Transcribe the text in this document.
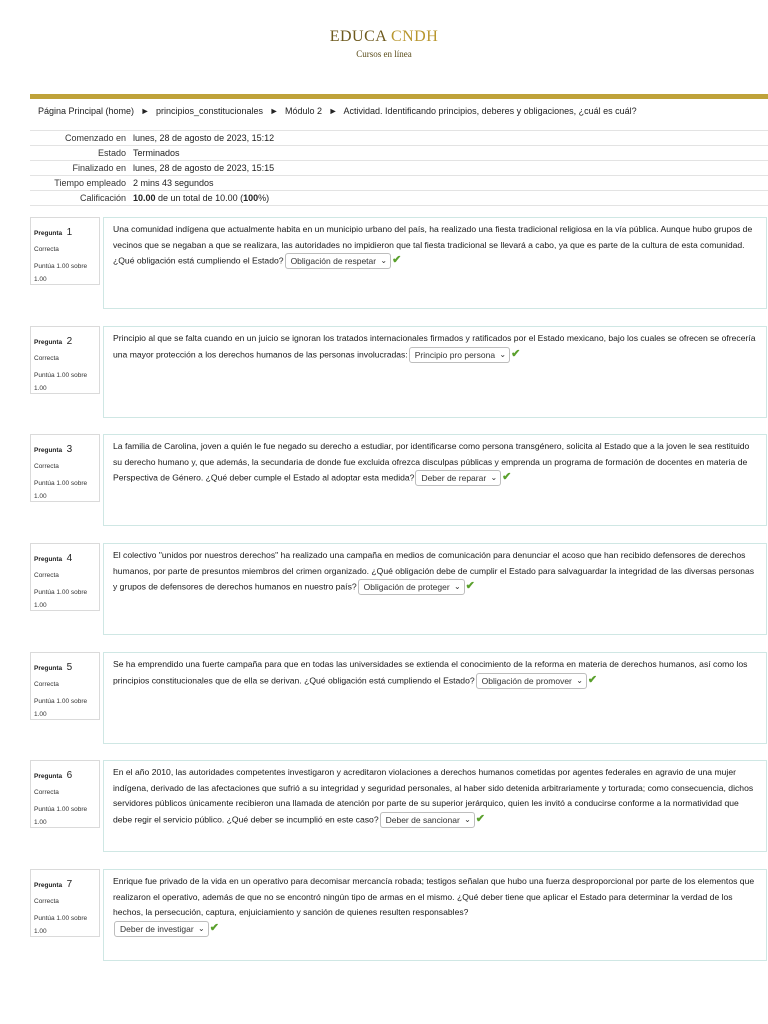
EDUCA CNDH
Cursos en línea
Página Principal (home) ► principios_constitucionales ► Módulo 2 ► Actividad. Identificando principios, deberes y obligaciones, ¿cuál es cuál?
Comenzado en lunes, 28 de agosto de 2023, 15:12
Estado Terminados
Finalizado en lunes, 28 de agosto de 2023, 15:15
Tiempo empleado 2 mins 43 segundos
Calificación 10.00 de un total de 10.00 (100%)
Pregunta 1
Correcta
Puntúa 1.00 sobre 1.00
Una comunidad indígena que actualmente habita en un municipio urbano del país, ha realizado una fiesta tradicional religiosa en la vía pública. Aunque hubo grupos de vecinos que se negaban a que se realizara, las autoridades no impidieron que tal fiesta tradicional se llevará a cabo, ya que es parte de la cultura de esta comunidad. ¿Qué obligación está cumpliendo el Estado? Obligación de respetar ⌄ ✔
Pregunta 2
Correcta
Puntúa 1.00 sobre 1.00
Principio al que se falta cuando en un juicio se ignoran los tratados internacionales firmados y ratificados por el Estado mexicano, bajo los cuales se ofrecen se ofrecería una mayor protección a los derechos humanos de las personas involucradas: Principio pro persona ⌄ ✔
Pregunta 3
Correcta
Puntúa 1.00 sobre 1.00
La familia de Carolina, joven a quién le fue negado su derecho a estudiar, por identificarse como persona transgénero, solicita al Estado que a la joven le sea restituido su derecho humano y, que además, la secundaria de donde fue excluida ofrezca disculpas públicas y emprenda un programa de formación de docentes en materia de Perspectiva de Género. ¿Qué deber cumple el Estado al adoptar esta medida? Deber de reparar ⌄ ✔
Pregunta 4
Correcta
Puntúa 1.00 sobre 1.00
El colectivo "unidos por nuestros derechos" ha realizado una campaña en medios de comunicación para denunciar el acoso que han recibido defensores de derechos humanos, por parte de presuntos miembros del crimen organizado. ¿Qué obligación debe de cumplir el Estado para salvaguardar la integridad de las diversas personas y grupos de defensores de derechos humanos en nuestro país? Obligación de proteger ⌄ ✔
Pregunta 5
Correcta
Puntúa 1.00 sobre 1.00
Se ha emprendido una fuerte campaña para que en todas las universidades se extienda el conocimiento de la reforma en materia de derechos humanos, así como los principios constitucionales que de ella se derivan. ¿Qué obligación está cumpliendo el Estado? Obligación de promover ⌄ ✔
Pregunta 6
Correcta
Puntúa 1.00 sobre 1.00
En el año 2010, las autoridades competentes investigaron y acreditaron violaciones a derechos humanos cometidas por agentes federales en agravio de una mujer indígena, derivado de las afectaciones que sufrió a su integridad y seguridad personales, al haber sido detenida arbitrariamente y torturada; como consecuencia, dichos servidores públicos únicamente recibieron una llamada de atención por parte de su superior jerárquico, quien les invitó a conducirse conforme a la normatividad que debe regir el servicio público. ¿Qué deber se incumplió en este caso? Deber de sancionar ⌄ ✔
Pregunta 7
Correcta
Puntúa 1.00 sobre 1.00
Enrique fue privado de la vida en un operativo para decomisar mercancía robada; testigos señalan que hubo una fuerza desproporcional por parte de los elementos que realizaron el operativo, además de que no se encontró ningún tipo de armas en el mismo. ¿Qué deber tiene que aplicar el Estado para determinar la verdad de los hechos, la persecución, captura, enjuiciamiento y sanción de quienes resulten responsables?
Deber de investigar ⌄ ✔
